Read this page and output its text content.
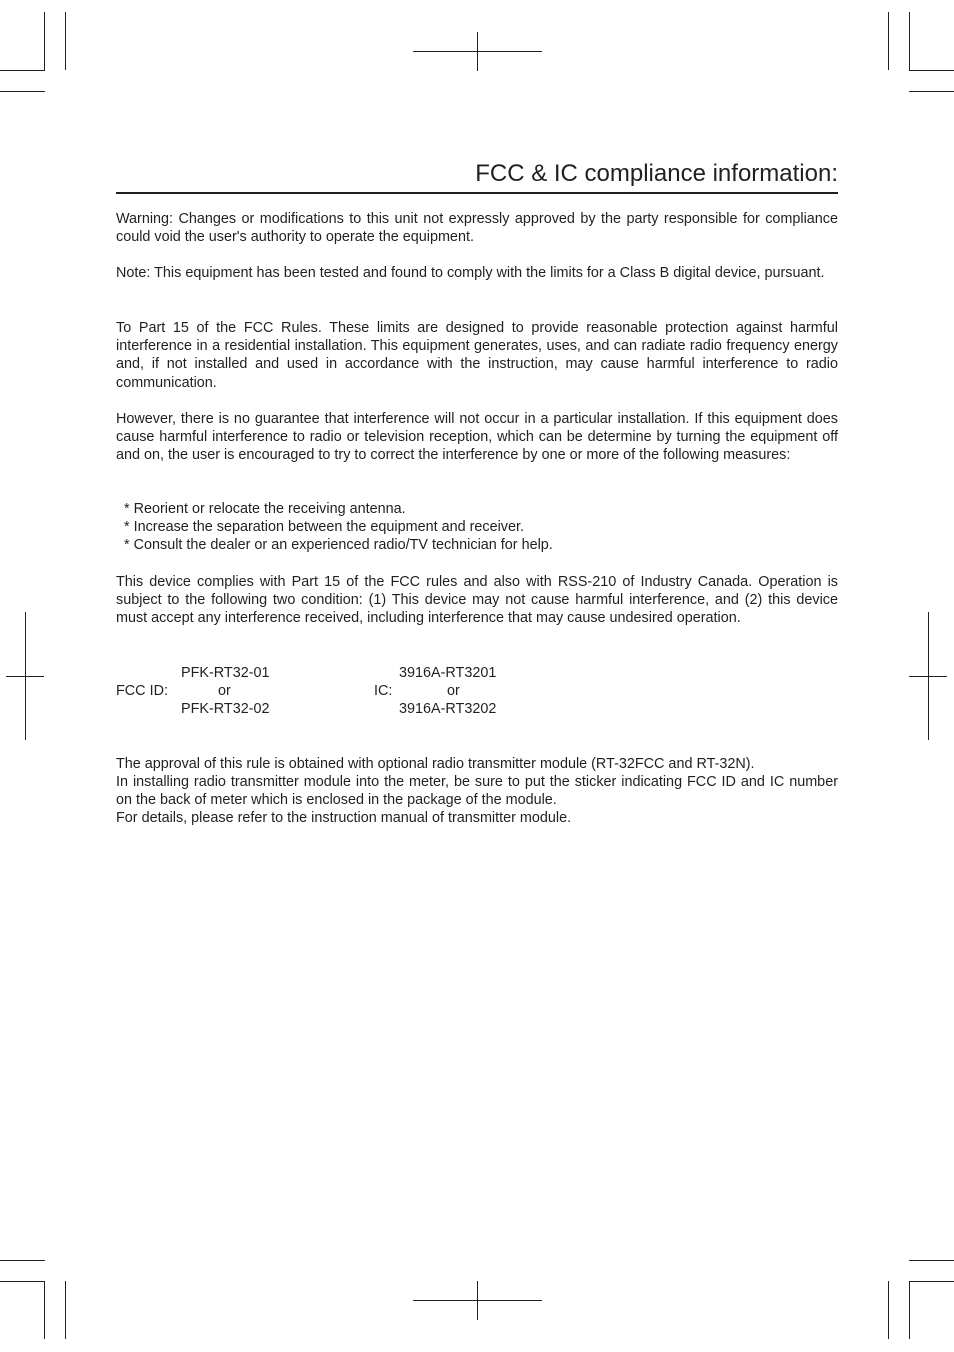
FCC & IC compliance information:

Warning: Changes or modifications to this unit not expressly approved by the party responsible for compliance could void the user's authority to operate the equipment.

Note: This equipment has been tested and found to comply with the limits for a Class B digital device, pursuant.

To Part 15 of the FCC Rules. These limits are designed to provide reasonable protection against harmful interference in a residential installation. This equipment generates, uses, and can radiate radio frequency energy and, if not installed and used in accordance with the instruction, may cause harmful interference to radio communication.

However, there is no guarantee that interference will not occur in a particular installation. If this equipment does cause harmful interference to radio or television reception, which can be determine by turning the equipment off and on, the user is encouraged to try to correct the interference by one or more of the following measures:

* Reorient or relocate the receiving antenna.
* Increase the separation between the equipment and receiver.
* Consult the dealer or an experienced radio/TV technician for help.

This device complies with Part 15 of the FCC rules and also with RSS-210 of Industry Canada. Operation is subject to the following two condition: (1) This device may not cause harmful interference, and (2) this device must accept any interference received, including interference that may cause undesired operation.

PFK-RT32-01
FCC ID:	or
PFK-RT32-02
3916A-RT3201
IC:	or
3916A-RT3202

The approval of this rule is obtained with optional radio transmitter module (RT-32FCC and RT-32N).

In installing radio transmitter module into the meter, be sure to put the sticker indicating FCC ID and IC number on the back of meter which is enclosed in the package of the module.

For details, please refer to the instruction manual of transmitter module.
